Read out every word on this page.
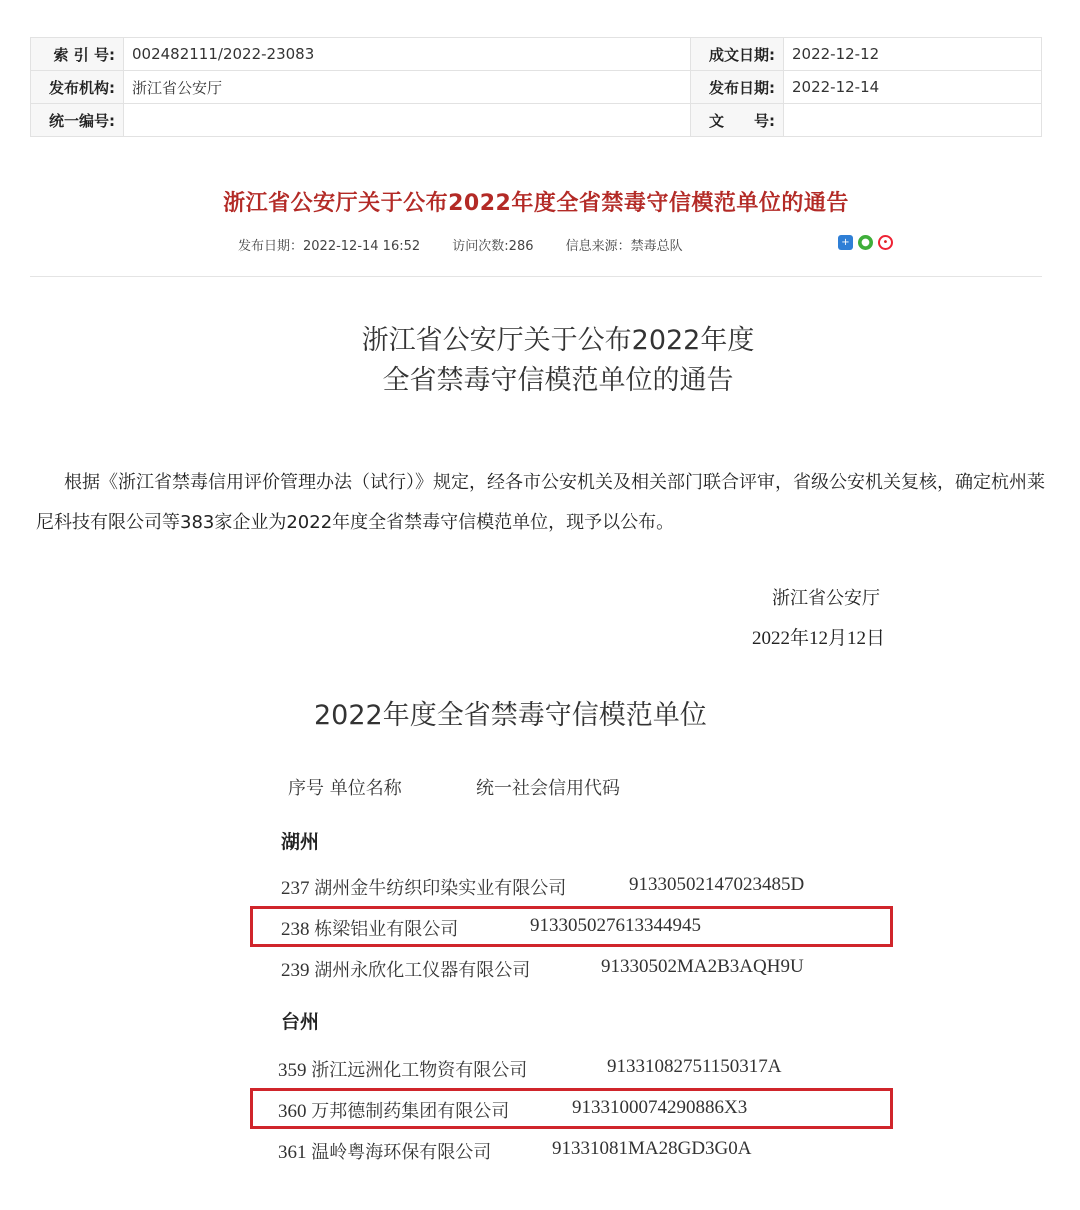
索 引 号:	002482111/2022-23083	成文日期:	2022-12-12
发布机构:	浙江省公安厅	发布日期:	2022-12-14
统一编号:		文　　号:	
浙江省公安厅关于公布2022年度全省禁毒守信模范单位的通告
发布日期：2022-12-14 16:52 访问次数:286 信息来源：禁毒总队	+	●	•
浙江省公安厅关于公布2022年度
全省禁毒守信模范单位的通告

根据《浙江省禁毒信用评价管理办法（试行）》规定，经各市公安机关及相关部门联合评审，省级公安机关复核，确定杭州莱尼科技有限公司等383家企业为2022年度全省禁毒守信模范单位，现予以公布。

浙江省公安厅
2022年12月12日
2022年度全省禁毒守信模范单位
序号 单位名称	统一社会信用代码
湖州
237 湖州金牛纺织印染实业有限公司	91330502147023485D
238 栋梁铝业有限公司	913305027613344945
239 湖州永欣化工仪器有限公司	91330502MA2B3AQH9U
台州
359 浙江远洲化工物资有限公司	91331082751150317A
360 万邦德制药集团有限公司	9133100074290886X3
361 温岭粤海环保有限公司	91331081MA28GD3G0A
